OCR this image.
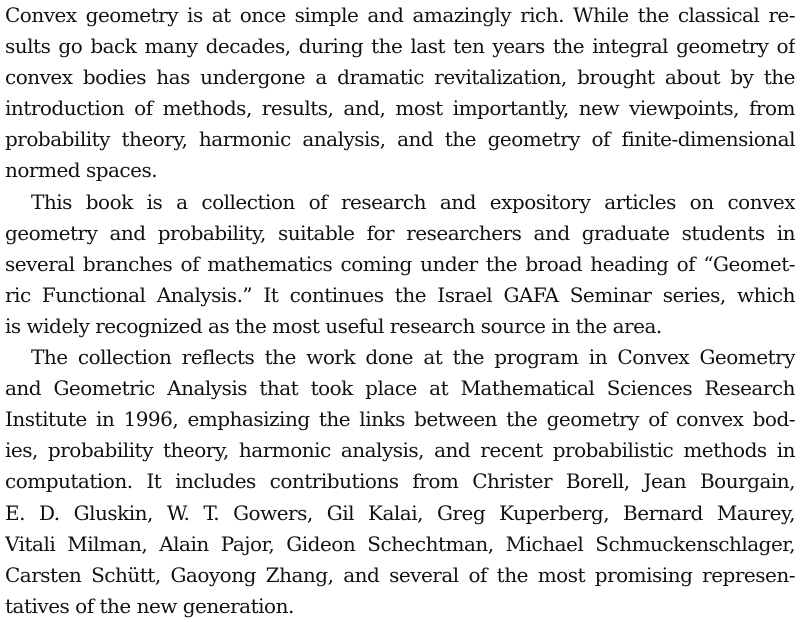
Convex geometry is at once simple and amazingly rich. While the classical re-
sults go back many decades, during the last ten years the integral geometry of
convex bodies has undergone a dramatic revitalization, brought about by the
introduction of methods, results, and, most importantly, new viewpoints, from
probability theory, harmonic analysis, and the geometry of finite-dimensional
normed spaces.
This book is a collection of research and expository articles on convex
geometry and probability, suitable for researchers and graduate students in
several branches of mathematics coming under the broad heading of “Geomet-
ric Functional Analysis.” It continues the Israel GAFA Seminar series, which
is widely recognized as the most useful research source in the area.
The collection reflects the work done at the program in Convex Geometry
and Geometric Analysis that took place at Mathematical Sciences Research
Institute in 1996, emphasizing the links between the geometry of convex bod-
ies, probability theory, harmonic analysis, and recent probabilistic methods in
computation. It includes contributions from Christer Borell, Jean Bourgain,
E. D. Gluskin, W. T. Gowers, Gil Kalai, Greg Kuperberg, Bernard Maurey,
Vitali Milman, Alain Pajor, Gideon Schechtman, Michael Schmuckenschlager,
Carsten Schütt, Gaoyong Zhang, and several of the most promising represen-
tatives of the new generation.
